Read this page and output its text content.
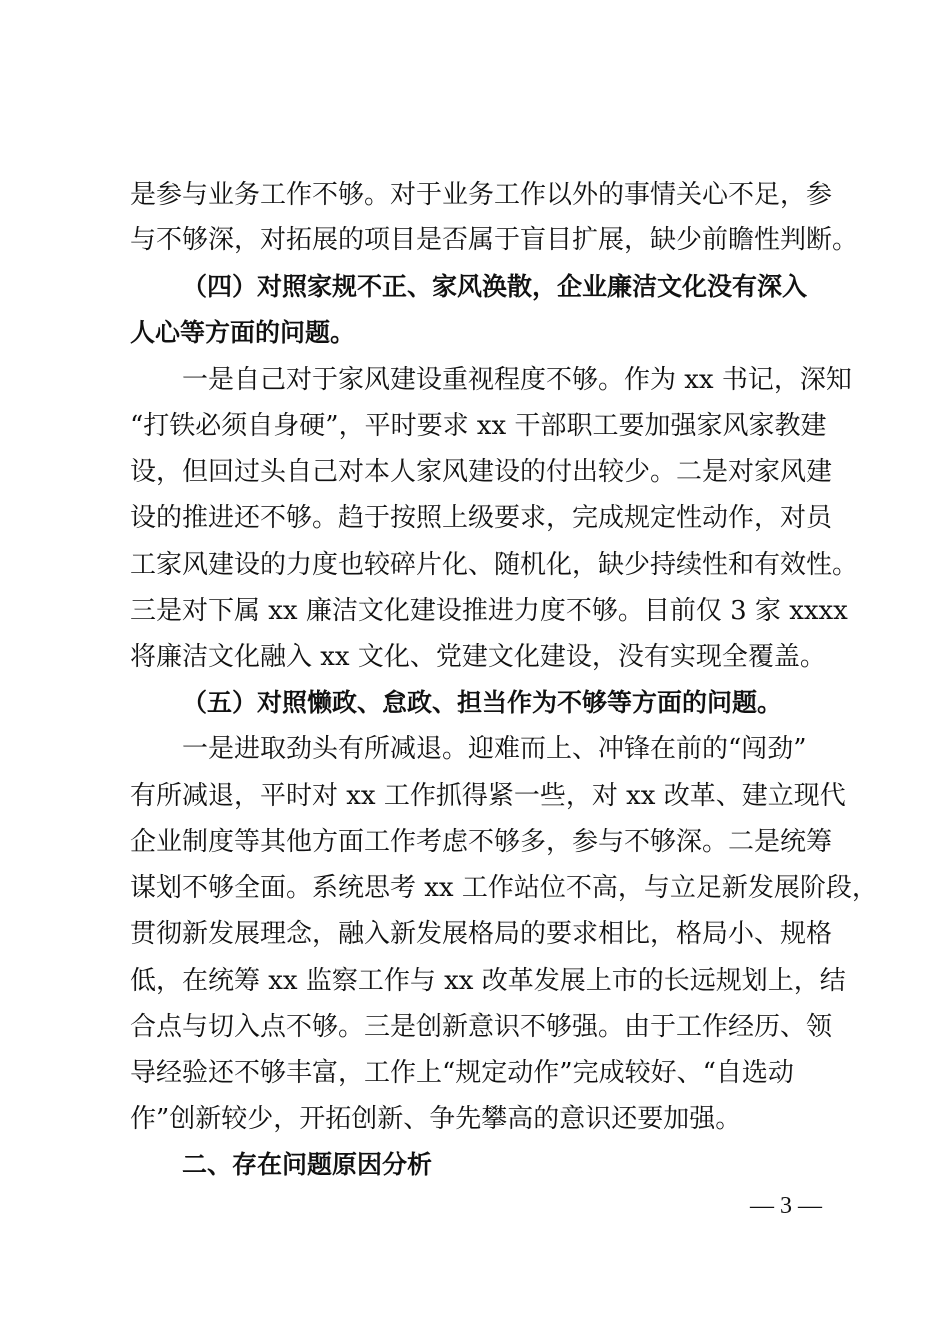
是参与业务工作不够。对于业务工作以外的事情关心不足，参
与不够深，对拓展的项目是否属于盲目扩展，缺少前瞻性判断。
（四）对照家规不正、家风涣散，企业廉洁文化没有深入
人心等方面的问题。
一是自己对于家风建设重视程度不够。作为 xx 书记，深知
“打铁必须自身硬”，平时要求 xx 干部职工要加强家风家教建
设，但回过头自己对本人家风建设的付出较少。二是对家风建
设的推进还不够。趋于按照上级要求，完成规定性动作，对员
工家风建设的力度也较碎片化、随机化，缺少持续性和有效性。
三是对下属 xx 廉洁文化建设推进力度不够。目前仅 3 家 xxxx
将廉洁文化融入 xx 文化、党建文化建设，没有实现全覆盖。
（五）对照懒政、怠政、担当作为不够等方面的问题。
一是进取劲头有所减退。迎难而上、冲锋在前的“闯劲”
有所减退，平时对 xx 工作抓得紧一些，对 xx 改革、建立现代
企业制度等其他方面工作考虑不够多，参与不够深。二是统筹
谋划不够全面。系统思考 xx 工作站位不高，与立足新发展阶段，
贯彻新发展理念，融入新发展格局的要求相比，格局小、规格
低，在统筹 xx 监察工作与 xx 改革发展上市的长远规划上，结
合点与切入点不够。三是创新意识不够强。由于工作经历、领
导经验还不够丰富，工作上“规定动作”完成较好、“自选动
作”创新较少，开拓创新、争先攀高的意识还要加强。
二、存在问题原因分析
— 3 —
